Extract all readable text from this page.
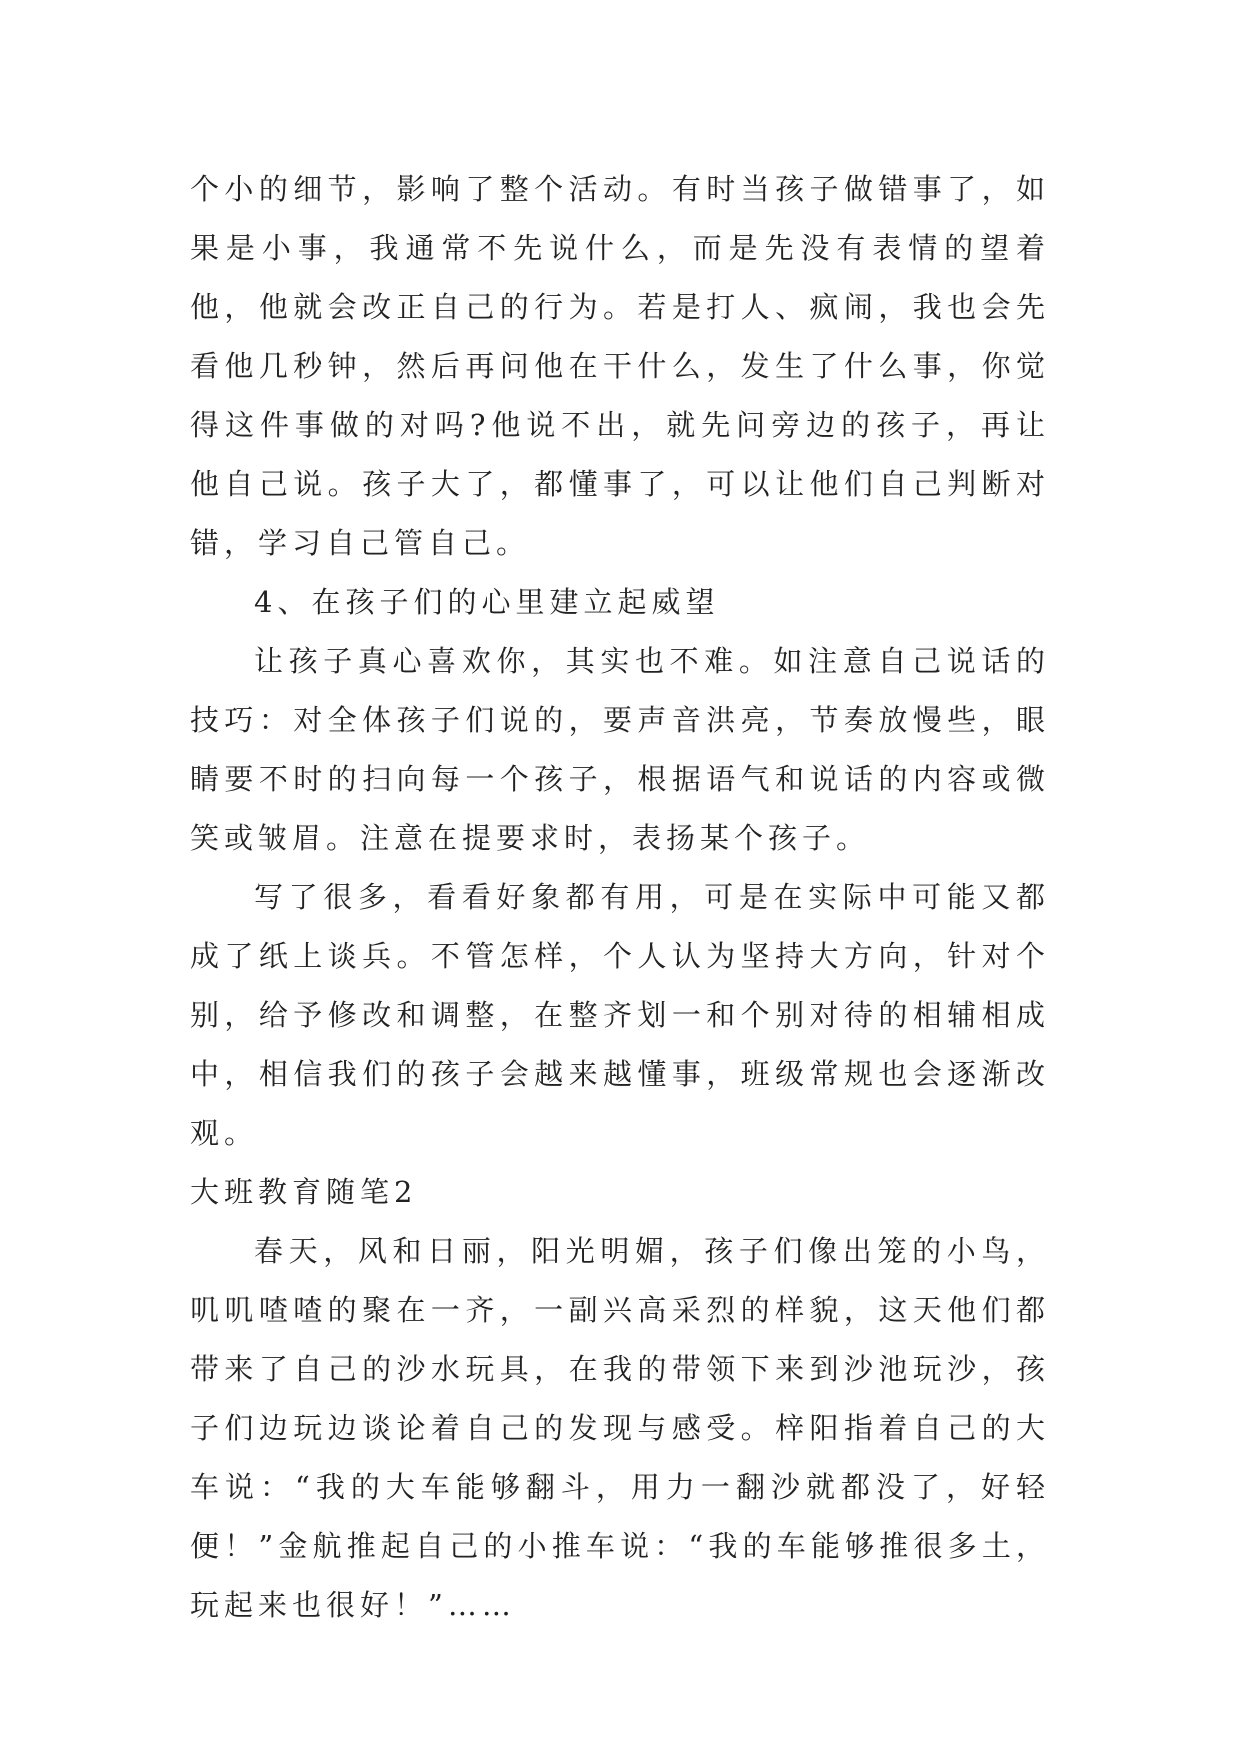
个小的细节，影响了整个活动。有时当孩子做错事了，如果是小事，我通常不先说什么，而是先没有表情的望着他，他就会改正自己的行为。若是打人、疯闹，我也会先看他几秒钟，然后再问他在干什么，发生了什么事，你觉得这件事做的对吗?他说不出，就先问旁边的孩子，再让他自己说。孩子大了，都懂事了，可以让他们自己判断对错，学习自己管自己。

4、在孩子们的心里建立起威望

让孩子真心喜欢你，其实也不难。如注意自己说话的技巧：对全体孩子们说的，要声音洪亮，节奏放慢些，眼睛要不时的扫向每一个孩子，根据语气和说话的内容或微笑或皱眉。注意在提要求时，表扬某个孩子。

写了很多，看看好象都有用，可是在实际中可能又都成了纸上谈兵。不管怎样，个人认为坚持大方向，针对个别，给予修改和调整，在整齐划一和个别对待的相辅相成中，相信我们的孩子会越来越懂事，班级常规也会逐渐改观。

大班教育随笔2

春天，风和日丽，阳光明媚，孩子们像出笼的小鸟，叽叽喳喳的聚在一齐，一副兴高采烈的样貌，这天他们都带来了自己的沙水玩具，在我的带领下来到沙池玩沙，孩子们边玩边谈论着自己的发现与感受。梓阳指着自己的大车说：“我的大车能够翻斗，用力一翻沙就都没了，好轻便！”金航推起自己的小推车说：“我的车能够推很多土，玩起来也很好！”……
